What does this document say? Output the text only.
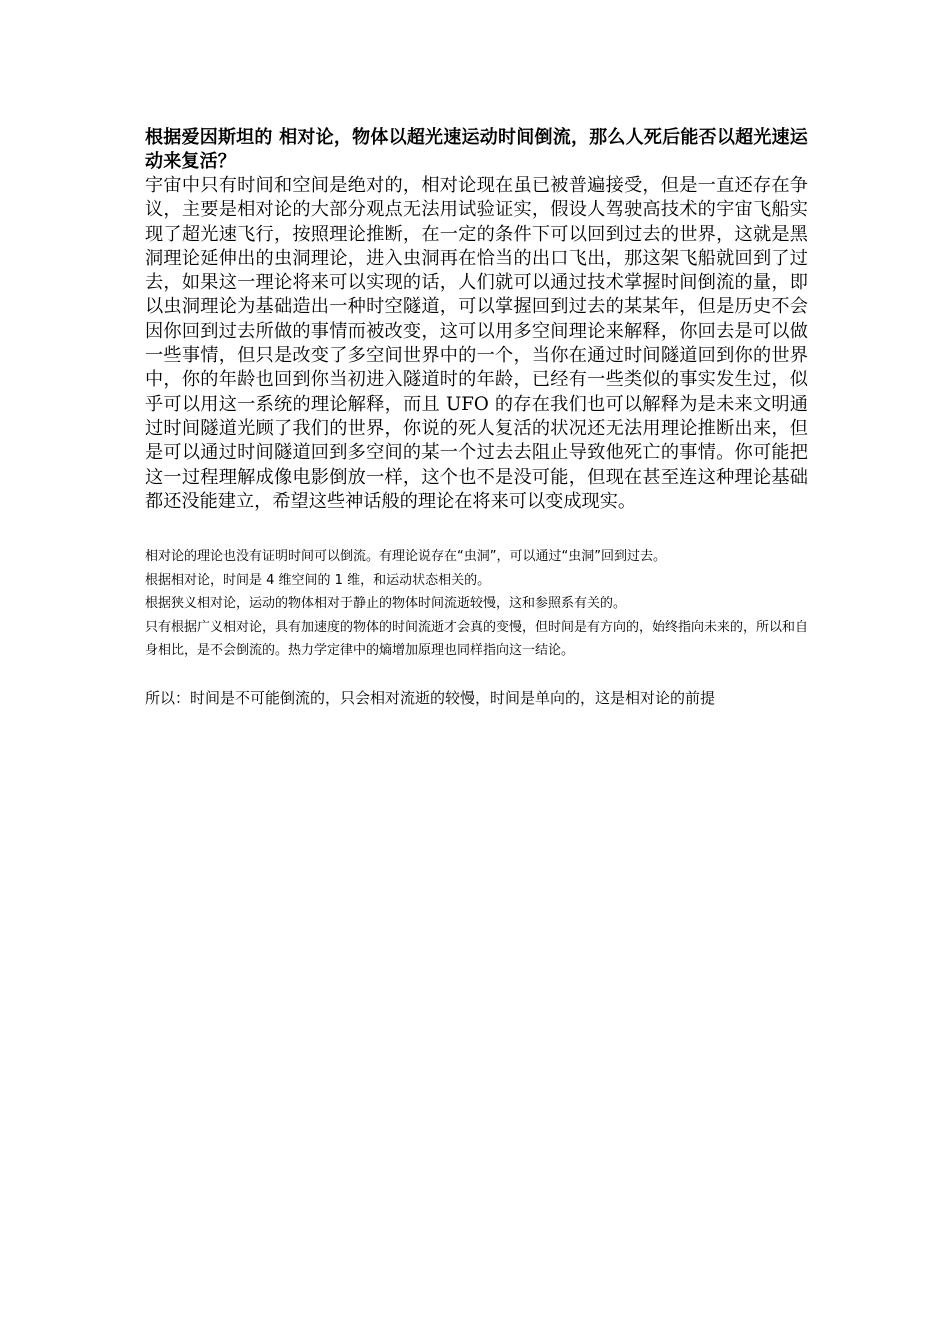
根据爱因斯坦的 相对论，物体以超光速运动时间倒流，那么人死后能否以超光速运动来复活？

宇宙中只有时间和空间是绝对的，相对论现在虽已被普遍接受，但是一直还存在争议，主要是相对论的大部分观点无法用试验证实，假设人驾驶高技术的宇宙飞船实现了超光速飞行，按照理论推断，在一定的条件下可以回到过去的世界，这就是黑洞理论延伸出的虫洞理论，进入虫洞再在恰当的出口飞出，那这架飞船就回到了过去，如果这一理论将来可以实现的话，人们就可以通过技术掌握时间倒流的量，即以虫洞理论为基础造出一种时空隧道，可以掌握回到过去的某某年，但是历史不会因你回到过去所做的事情而被改变，这可以用多空间理论来解释，你回去是可以做一些事情，但只是改变了多空间世界中的一个，当你在通过时间隧道回到你的世界中，你的年龄也回到你当初进入隧道时的年龄，已经有一些类似的事实发生过，似乎可以用这一系统的理论解释，而且 UFO 的存在我们也可以解释为是未来文明通过时间隧道光顾了我们的世界，你说的死人复活的状况还无法用理论推断出来，但是可以通过时间隧道回到多空间的某一个过去去阻止导致他死亡的事情。你可能把这一过程理解成像电影倒放一样，这个也不是没可能，但现在甚至连这种理论基础都还没能建立，希望这些神话般的理论在将来可以变成现实。

相对论的理论也没有证明时间可以倒流。有理论说存在“虫洞”，可以通过“虫洞”回到过去。

根据相对论，时间是 4 维空间的 1 维，和运动状态相关的。

根据狭义相对论，运动的物体相对于静止的物体时间流逝较慢，这和参照系有关的。

只有根据广义相对论，具有加速度的物体的时间流逝才会真的变慢，但时间是有方向的，始终指向未来的，所以和自身相比，是不会倒流的。热力学定律中的熵增加原理也同样指向这一结论。

所以：时间是不可能倒流的，只会相对流逝的较慢，时间是单向的，这是相对论的前提
